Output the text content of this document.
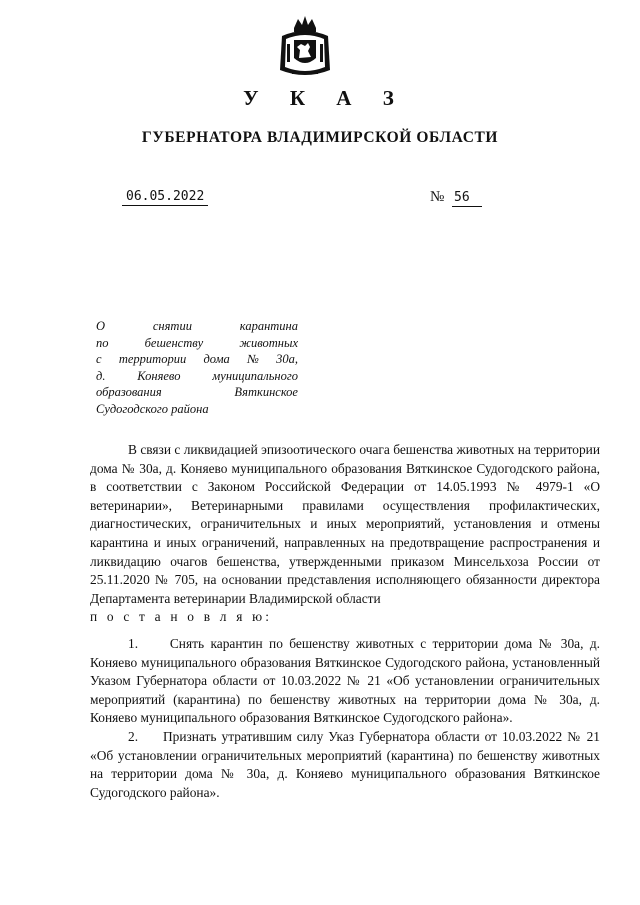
У К А З
ГУБЕРНАТОРА ВЛАДИМИРСКОЙ ОБЛАСТИ
06.05.2022	№ 56
О	снятии	карантина
по	бешенству	животных
с территории дома № 30а,
д.	Коняево	муниципального
образования	Вяткинское
Судогодского района

В связи с ликвидацией эпизоотического очага бешенства животных на территории дома № 30а, д. Коняево муниципального образования Вяткинское Судогодского района, в соответствии с Законом Российской Федерации от 14.05.1993 № 4979-1 «О ветеринарии», Ветеринарными правилами осуществления профилактических, диагностических, ограничительных и иных мероприятий, установления и отмены карантина и иных ограничений, направленных на предотвращение распространения и ликвидацию очагов бешенства, утвержденными приказом Минсельхоза России от 25.11.2020 № 705, на основании представления исполняющего обязанности директора Департамента ветеринарии Владимирской области

п о с т а н о в л я ю:

1.     Снять карантин по бешенству животных с территории дома № 30а, д. Коняево муниципального образования Вяткинское Судогодского района, установленный Указом Губернатора области от 10.03.2022 № 21 «Об установлении ограничительных мероприятий (карантина) по бешенству животных на территории дома № 30а, д. Коняево муниципального образования Вяткинское Судогодского района».

2.     Признать утратившим силу Указ Губернатора области от 10.03.2022 № 21 «Об установлении ограничительных мероприятий (карантина) по бешенству животных на территории дома № 30а, д. Коняево муниципального образования Вяткинское Судогодского района».
